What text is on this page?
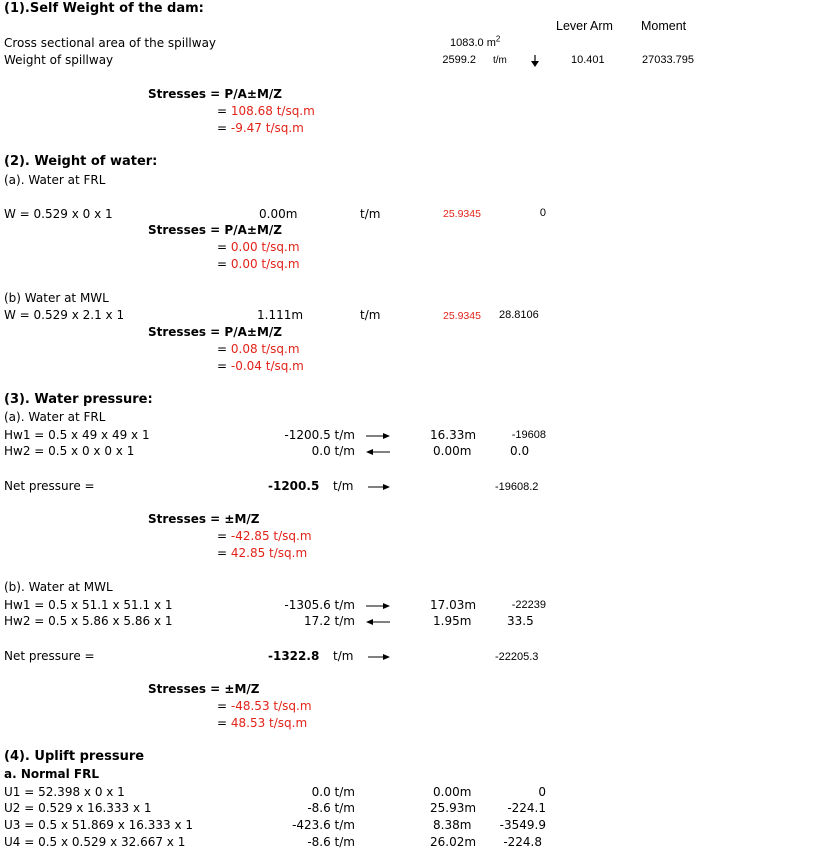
Lever Arm Moment
(1).Self Weight of the dam:
Cross sectional area of the spillway	1083.0 $m^2$
Weight of spillway	2599.2 t/m	10.401	27033.795
Stresses = P/A±M/Z
= 108.68 t/sq.m
= -9.47 t/sq.m
(2). Weight of water:
(a). Water at FRL
W = 0.529 x 0 x 1	0.00m	t/m	25.9345	0
Stresses = P/A±M/Z
= 0.00 t/sq.m
= 0.00 t/sq.m
(b) Water at MWL
W = 0.529 x 2.1 x 1	1.111m	t/m	25.9345 28.8106
Stresses = P/A±M/Z
= 0.08 t/sq.m
= -0.04 t/sq.m
(3). Water pressure:
(a). Water at FRL
Hw1 = 0.5 x 49 x 49 x 1	-1200.5 t/m	16.33m	-19608
Hw2 = 0.5 x 0 x 0 x 1	0.0 t/m	0.00m	0.0
Net pressure =	-1200.5 t/m	-19608.2
Stresses = ±M/Z
= -42.85 t/sq.m
= 42.85 t/sq.m
(b). Water at MWL
Hw1 = 0.5 x 51.1 x 51.1 x 1	-1305.6 t/m	17.03m	-22239
Hw2 = 0.5 x 5.86 x 5.86 x 1	17.2 t/m	1.95m	33.5
Net pressure =	-1322.8 t/m	-22205.3
Stresses = ±M/Z
= -48.53 t/sq.m
= 48.53 t/sq.m
(4). Uplift pressure
a. Normal FRL
U1 = 52.398 x 0 x 1	0.0 t/m	0.00m	0
U2 = 0.529 x 16.333 x 1	-8.6 t/m	25.93m	-224.1
U3 = 0.5 x 51.869 x 16.333 x 1	-423.6 t/m	8.38m	-3549.9
U4 = 0.5 x 0.529 x 32.667 x 1	-8.6 t/m	26.02m	-224.8
